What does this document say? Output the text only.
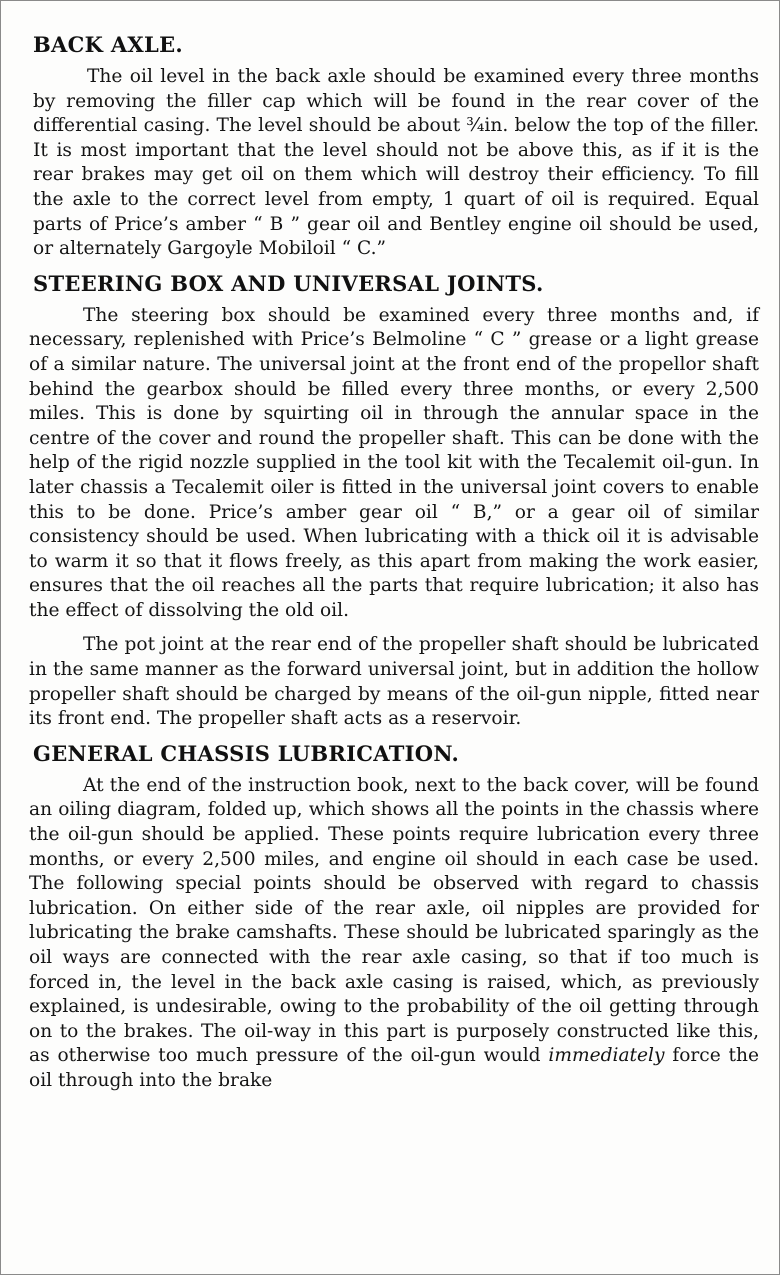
BACK AXLE.

The oil level in the back axle should be examined every three months by removing the filler cap which will be found in the rear cover of the differential casing. The level should be about ¾in. below the top of the filler. It is most important that the level should not be above this, as if it is the rear brakes may get oil on them which will destroy their efficiency. To fill the axle to the correct level from empty, 1 quart of oil is required. Equal parts of Price’s amber “ B ” gear oil and Bentley engine oil should be used, or alternately Gargoyle Mobiloil “ C.”

STEERING BOX AND UNIVERSAL JOINTS.

The steering box should be examined every three months and, if necessary, replenished with Price’s Belmoline “ C ” grease or a light grease of a similar nature. The universal joint at the front end of the propellor shaft behind the gearbox should be filled every three months, or every 2,500 miles. This is done by squirting oil in through the annular space in the centre of the cover and round the propeller shaft. This can be done with the help of the rigid nozzle supplied in the tool kit with the Tecalemit oil-gun. In later chassis a Tecalemit oiler is fitted in the universal joint covers to enable this to be done. Price’s amber gear oil “ B,” or a gear oil of similar consistency should be used. When lubricating with a thick oil it is advisable to warm it so that it flows freely, as this apart from making the work easier, ensures that the oil reaches all the parts that require lubrication; it also has the effect of dissolving the old oil.

The pot joint at the rear end of the propeller shaft should be lubricated in the same manner as the forward universal joint, but in addition the hollow propeller shaft should be charged by means of the oil-gun nipple, fitted near its front end. The propeller shaft acts as a reservoir.

GENERAL CHASSIS LUBRICATION.

At the end of the instruction book, next to the back cover, will be found an oiling diagram, folded up, which shows all the points in the chassis where the oil-gun should be applied. These points require lubrication every three months, or every 2,500 miles, and engine oil should in each case be used. The following special points should be observed with regard to chassis lubrication. On either side of the rear axle, oil nipples are provided for lubricating the brake camshafts. These should be lubricated sparingly as the oil ways are connected with the rear axle casing, so that if too much is forced in, the level in the back axle casing is raised, which, as previously explained, is undesirable, owing to the probability of the oil getting through on to the brakes. The oil-way in this part is purposely constructed like this, as otherwise too much pressure of the oil-gun would immediately force the oil through into the brake
